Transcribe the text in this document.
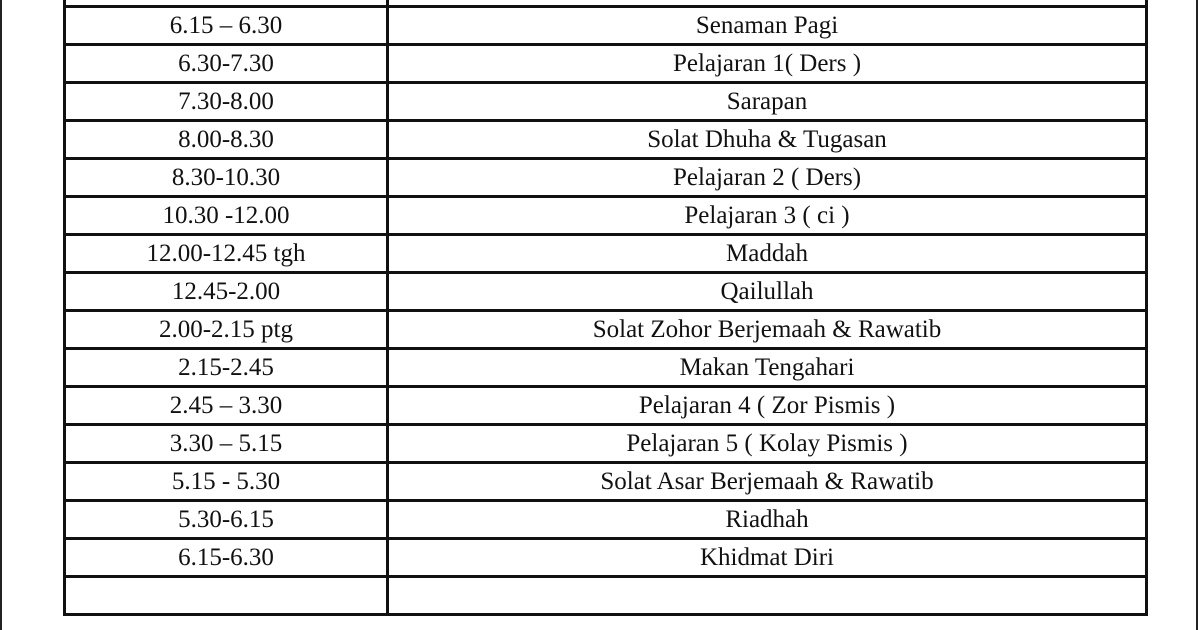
6.15 – 6.30	Senaman Pagi
6.30-7.30	Pelajaran 1( Ders )
7.30-8.00	Sarapan
8.00-8.30	Solat Dhuha & Tugasan
8.30-10.30	Pelajaran 2 ( Ders)
10.30 -12.00	Pelajaran 3 ( ci )
12.00-12.45 tgh	Maddah
12.45-2.00	Qailullah
2.00-2.15 ptg	Solat Zohor Berjemaah & Rawatib
2.15-2.45	Makan Tengahari
2.45 – 3.30	Pelajaran 4 ( Zor Pismis )
3.30 – 5.15	Pelajaran 5 ( Kolay Pismis )
5.15 - 5.30	Solat Asar Berjemaah & Rawatib
5.30-6.15	Riadhah
6.15-6.30	Khidmat Diri
